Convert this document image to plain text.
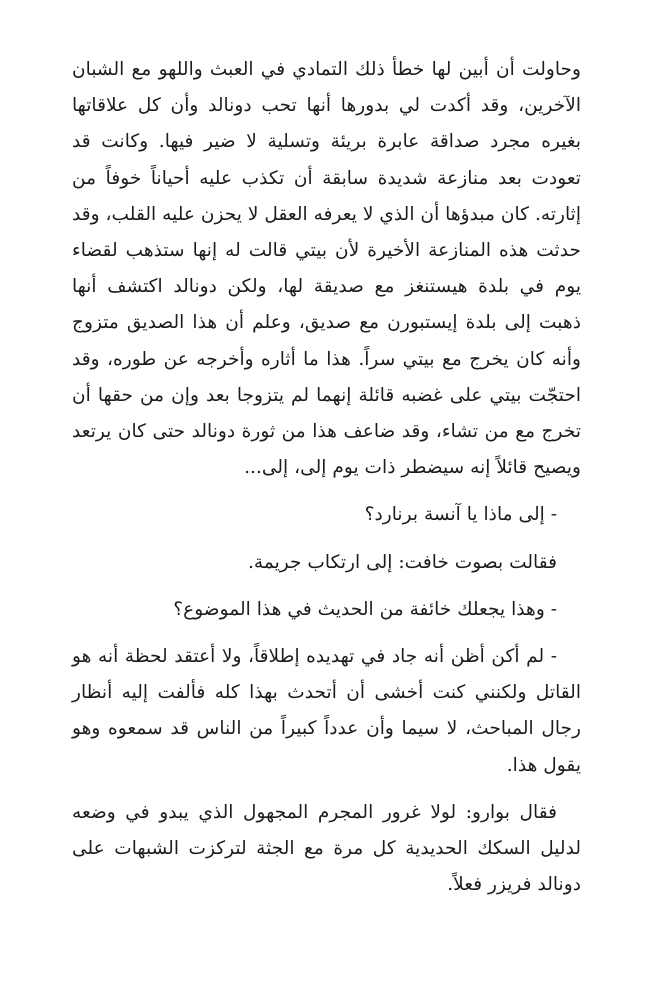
وحاولت أن أبين لها خطأ ذلك التمادي في العبث واللهو مع الشبان الآخرين، وقد أكدت لي بدورها أنها تحب دونالد وأن كل علاقاتها بغيره مجرد صداقة عابرة بريئة وتسلية لا ضير فيها. وكانت قد تعودت بعد منازعة شديدة سابقة أن تكذب عليه أحياناً خوفاً من إثارته. كان مبدؤها أن الذي لا يعرفه العقل لا يحزن عليه القلب، وقد حدثت هذه المنازعة الأخيرة لأن بيتي قالت له إنها ستذهب لقضاء يوم في بلدة هيستنغز مع صديقة لها، ولكن دونالد اكتشف أنها ذهبت إلى بلدة إيستبورن مع صديق، وعلم أن هذا الصديق متزوج وأنه كان يخرج مع بيتي سراً. هذا ما أثاره وأخرجه عن طوره، وقد احتجّت بيتي على غضبه قائلة إنهما لم يتزوجا بعد وإن من حقها أن تخرج مع من تشاء، وقد ضاعف هذا من ثورة دونالد حتى كان يرتعد ويصيح قائلاً إنه سيضطر ذات يوم إلى، إلى...

- إلى ماذا يا آنسة برنارد؟

فقالت بصوت خافت: إلى ارتكاب جريمة.

- وهذا يجعلك خائفة من الحديث في هذا الموضوع؟

- لم أكن أظن أنه جاد في تهديده إطلاقاً، ولا أعتقد لحظة أنه هو القاتل ولكنني كنت أخشى أن أتحدث بهذا كله فألفت إليه أنظار رجال المباحث، لا سيما وأن عدداً كبيراً من الناس قد سمعوه وهو يقول هذا.

فقال بوارو: لولا غرور المجرم المجهول الذي يبدو في وضعه لدليل السكك الحديدية كل مرة مع الجثة لتركزت الشبهات على دونالد فريزر فعلاً.
